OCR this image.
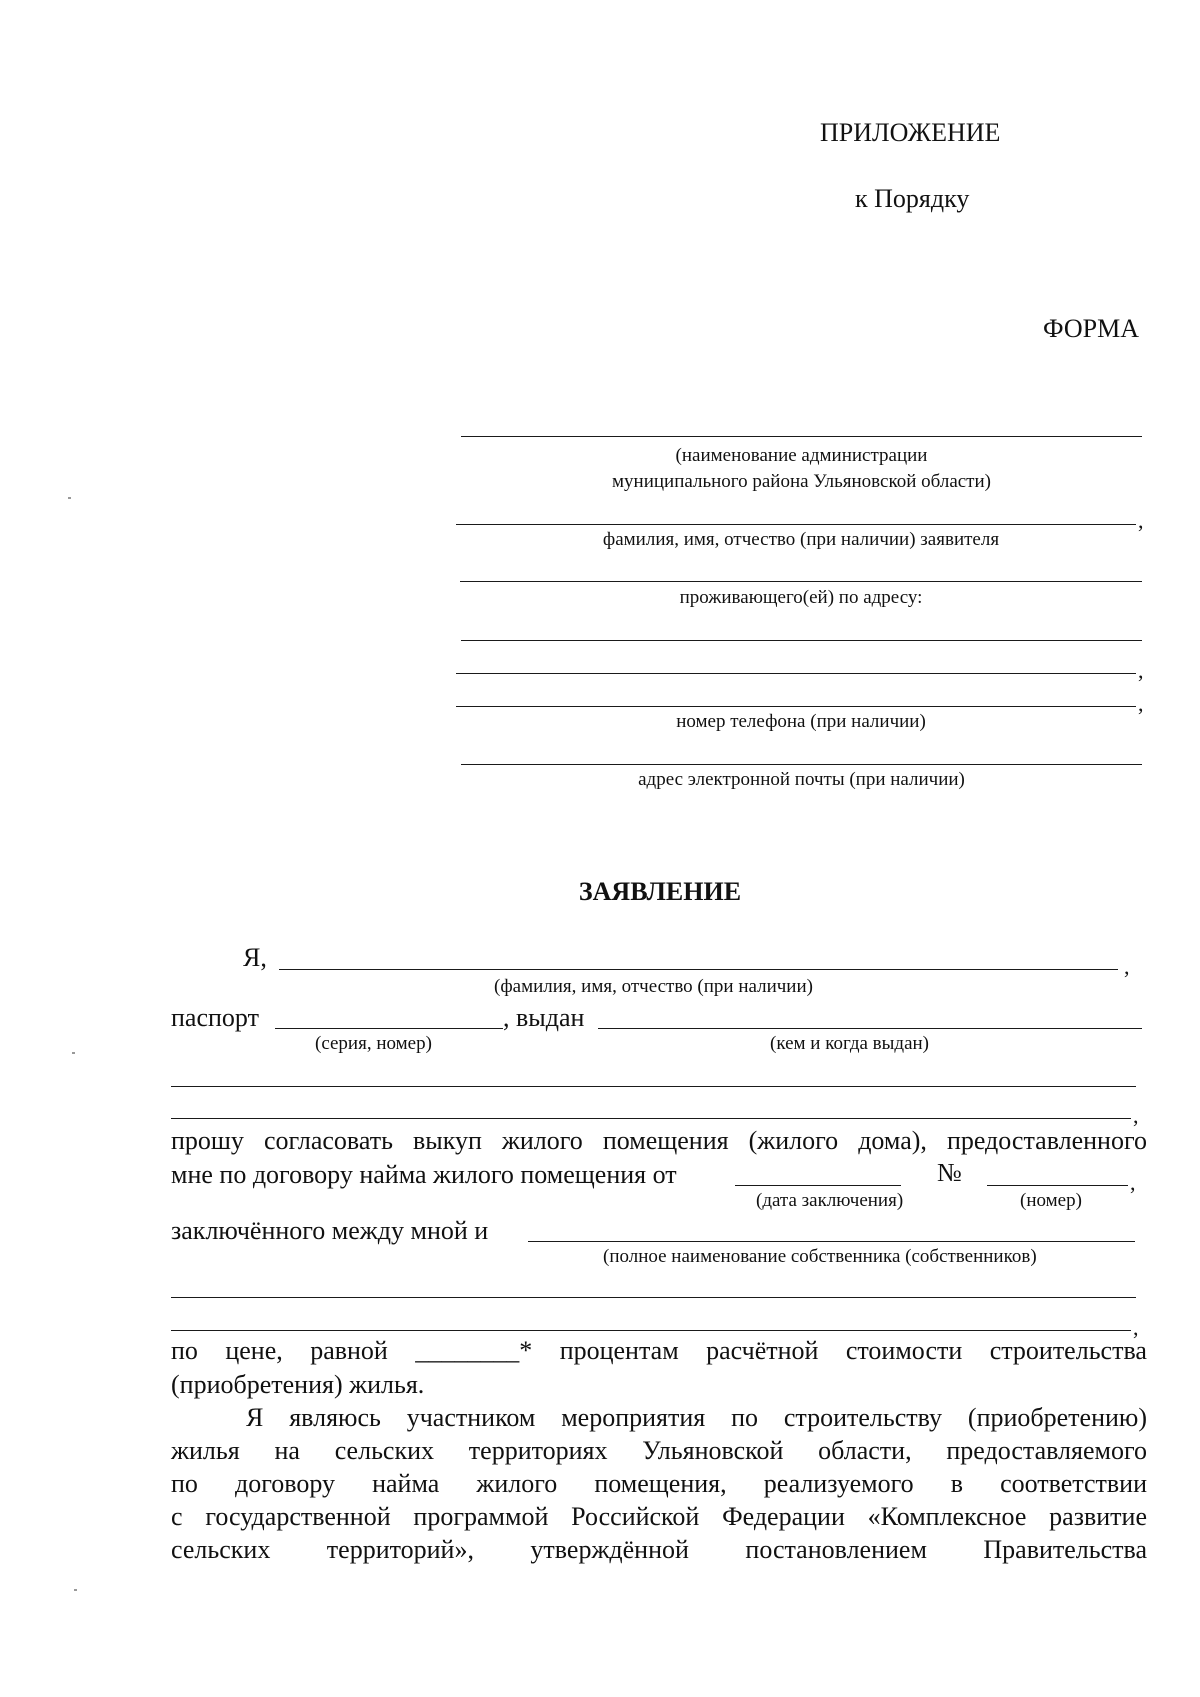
ПРИЛОЖЕНИЕ
к Порядку
ФОРМА
(наименование администрации
муниципального района Ульяновской области)
,
фамилия, имя, отчество (при наличии) заявителя
проживающего(ей) по адресу:
,
,
номер телефона (при наличии)
адрес электронной почты (при наличии)
ЗАЯВЛЕНИЕ
Я,	,
(фамилия, имя, отчество (при наличии)
паспорт	, выдан
(серия, номер)	(кем и когда выдан)
,
прошу согласовать выкуп жилого помещения (жилого дома), предоставленного
мне по договору найма жилого помещения от	№	,
(дата заключения)	(номер)
заключённого между мной и
(полное наименование собственника (собственников)
,
по цене, равной ________* процентам расчётной стоимости строительства
(приобретения) жилья.
Я являюсь участником мероприятия по строительству (приобретению)
жилья на сельских территориях Ульяновской области, предоставляемого
по договору найма жилого помещения, реализуемого в соответствии
с государственной программой Российской Федерации «Комплексное развитие
сельских территорий», утверждённой постановлением Правительства
